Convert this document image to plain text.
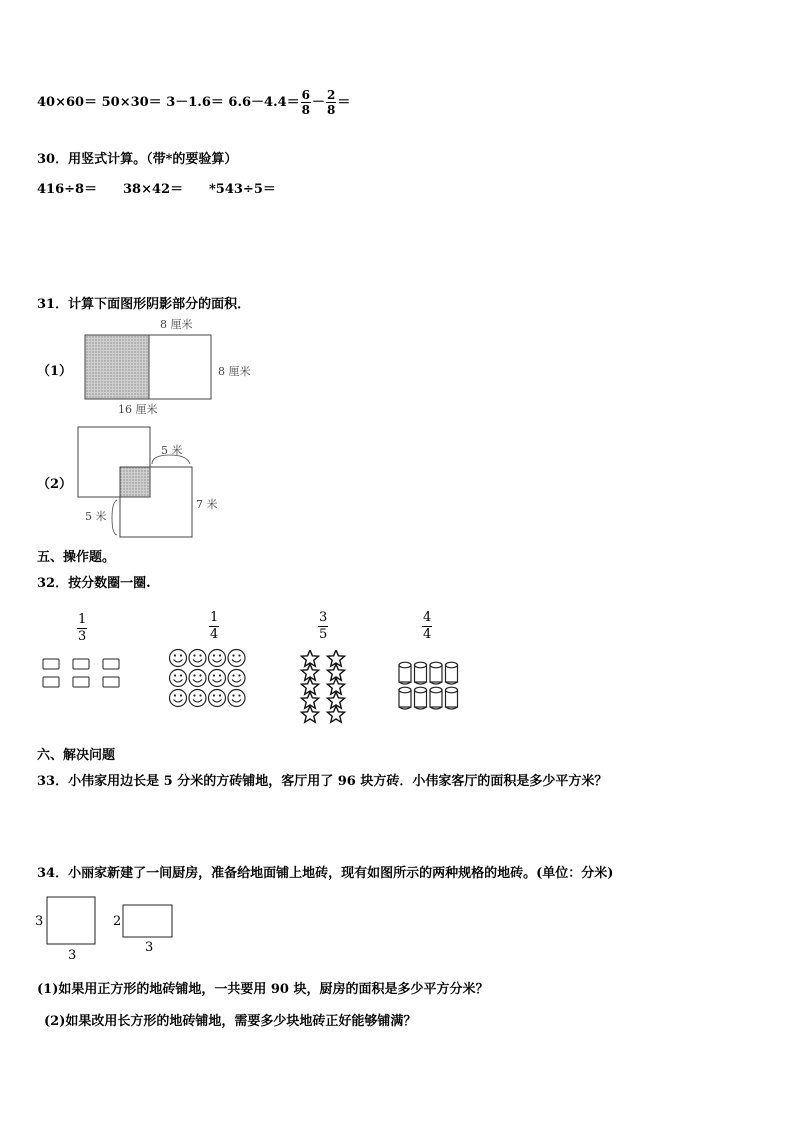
$40\times 60= 50\times 30= 3-1.6= 6.6-4.4= \frac{6}{8} - \frac{2}{8}$ ＝
30．用竖式计算。（带*的要验算）
416÷8＝ 38×42＝ *543÷5＝
31．计算下面图形阴影部分的面积．
（1）
8 厘米
8 厘米
16 厘米
（2）
5 米
7 米
5 米
五、操作题。
32．按分数圈一圈.
$\frac{1}{3}$	$\frac{1}{4}$	$\frac{3}{5}$	$\frac{4}{4}$
六、解决问题
33．小伟家用边长是 5 分米的方砖铺地，客厅用了 96 块方砖．小伟家客厅的面积是多少平方米？
34．小丽家新建了一间厨房，准备给地面铺上地砖，现有如图所示的两种规格的地砖。(单位：分米)
3
3
2
3
(1)如果用正方形的地砖铺地，一共要用 90 块，厨房的面积是多少平方分米？
(2)如果改用长方形的地砖铺地，需要多少块地砖正好能够铺满？
